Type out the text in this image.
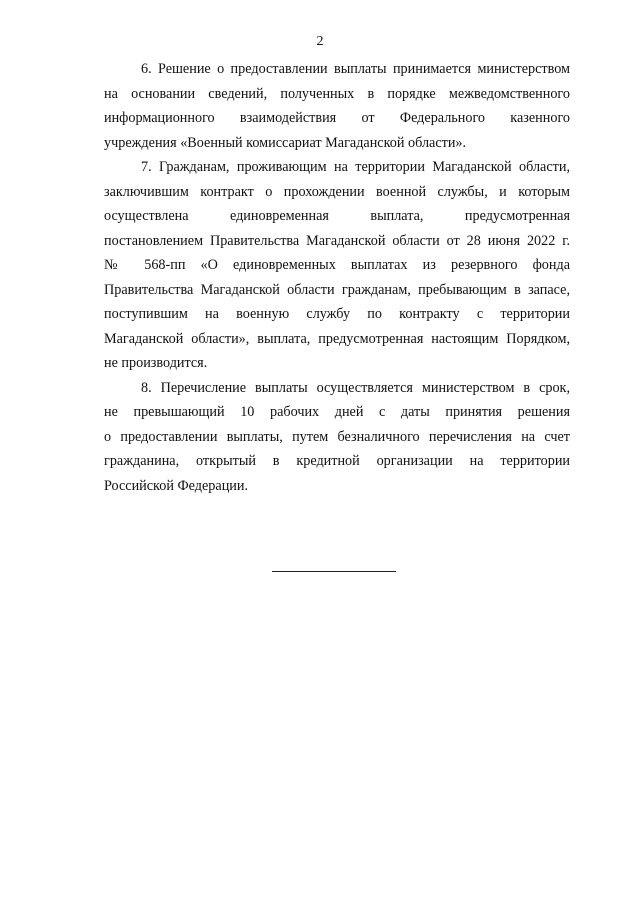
2

6. Решение о предоставлении выплаты принимается министерством
на основании сведений, полученных в порядке межведомственного
информационного взаимодействия от Федерального казенного
учреждения «Военный комиссариат Магаданской области».

7. Гражданам, проживающим на территории Магаданской области,
заключившим контракт о прохождении военной службы, и которым
осуществлена единовременная выплата, предусмотренная
постановлением Правительства Магаданской области от 28 июня 2022 г.
№ 568-пп «О единовременных выплатах из резервного фонда
Правительства Магаданской области гражданам, пребывающим в запасе,
поступившим на военную службу по контракту с территории
Магаданской области», выплата, предусмотренная настоящим Порядком,
не производится.

8. Перечисление выплаты осуществляется министерством в срок,
не превышающий 10 рабочих дней с даты принятия решения
о предоставлении выплаты, путем безналичного перечисления на счет
гражданина, открытый в кредитной организации на территории
Российской Федерации.
